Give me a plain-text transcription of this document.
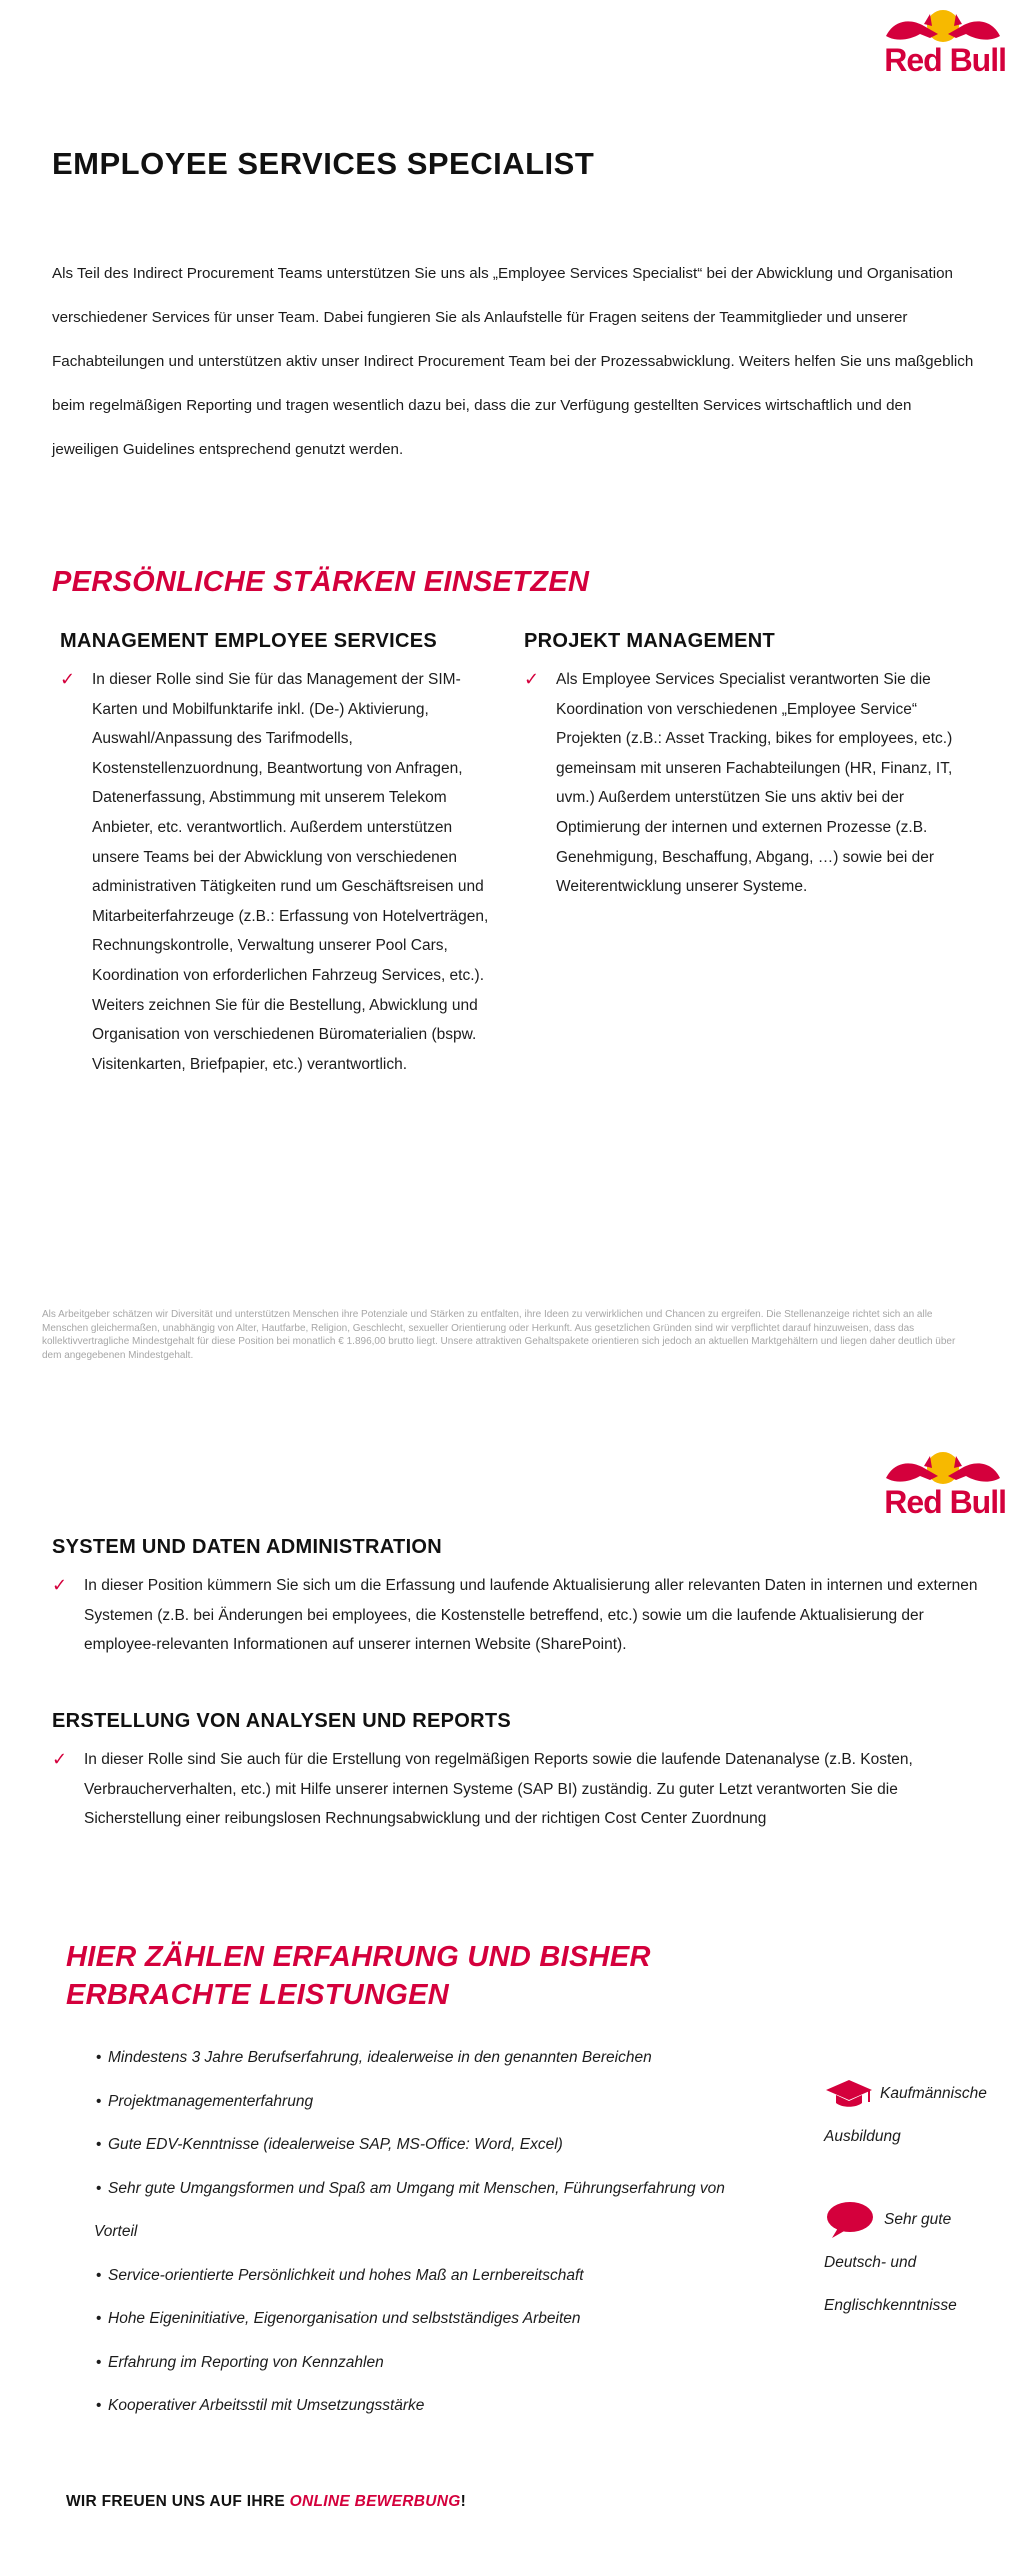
Red Bull
EMPLOYEE SERVICES SPECIALIST

Als Teil des Indirect Procurement Teams unterstützen Sie uns als „Employee Services Specialist“ bei der Abwicklung und Organisation verschiedener Services für unser Team. Dabei fungieren Sie als Anlaufstelle für Fragen seitens der Teammitglieder und unserer Fachabteilungen und unterstützen aktiv unser Indirect Procurement Team bei der Prozessabwicklung. Weiters helfen Sie uns maßgeblich beim regelmäßigen Reporting und tragen wesentlich dazu bei, dass die zur Verfügung gestellten Services wirtschaftlich und den jeweiligen Guidelines entsprechend genutzt werden.

PERSÖNLICHE STÄRKEN EINSETZEN
MANAGEMENT EMPLOYEE SERVICES
✓	In dieser Rolle sind Sie für das Management der SIM-Karten und Mobilfunktarife inkl. (De-) Aktivierung, Auswahl/Anpassung des Tarifmodells, Kostenstellenzuordnung, Beantwortung von Anfragen, Datenerfassung, Abstimmung mit unserem Telekom Anbieter, etc. verantwortlich. Außerdem unterstützen unsere Teams bei der Abwicklung von verschiedenen administrativen Tätigkeiten rund um Geschäftsreisen und Mitarbeiterfahrzeuge (z.B.: Erfassung von Hotelverträgen, Rechnungskontrolle, Verwaltung unserer Pool Cars, Koordination von erforderlichen Fahrzeug Services, etc.). Weiters zeichnen Sie für die Bestellung, Abwicklung und Organisation von verschiedenen Büromaterialien (bspw. Visitenkarten, Briefpapier, etc.) verantwortlich.
PROJEKT MANAGEMENT
✓	Als Employee Services Specialist verantworten Sie die Koordination von verschiedenen „Employee Service“ Projekten (z.B.: Asset Tracking, bikes for employees, etc.) gemeinsam mit unseren Fachabteilungen (HR, Finanz, IT, uvm.) Außerdem unterstützen Sie uns aktiv bei der Optimierung der internen und externen Prozesse (z.B. Genehmigung, Beschaffung, Abgang, …) sowie bei der Weiterentwicklung unserer Systeme.

Als Arbeitgeber schätzen wir Diversität und unterstützen Menschen ihre Potenziale und Stärken zu entfalten, ihre Ideen zu verwirklichen und Chancen zu ergreifen. Die Stellenanzeige richtet sich an alle Menschen gleichermaßen, unabhängig von Alter, Hautfarbe, Religion, Geschlecht, sexueller Orientierung oder Herkunft. Aus gesetzlichen Gründen sind wir verpflichtet darauf hinzuweisen, dass das kollektivvertragliche Mindestgehalt für diese Position bei monatlich € 1.896,00 brutto liegt. Unsere attraktiven Gehaltspakete orientieren sich jedoch an aktuellen Marktgehältern und liegen daher deutlich über dem angegebenen Mindestgehalt.

Red Bull
SYSTEM UND DATEN ADMINISTRATION
✓	In dieser Position kümmern Sie sich um die Erfassung und laufende Aktualisierung aller relevanten Daten in internen und externen Systemen (z.B. bei Änderungen bei employees, die Kostenstelle betreffend, etc.) sowie um die laufende Aktualisierung der employee-relevanten Informationen auf unserer internen Website (SharePoint).
ERSTELLUNG VON ANALYSEN UND REPORTS
✓	In dieser Rolle sind Sie auch für die Erstellung von regelmäßigen Reports sowie die laufende Datenanalyse (z.B. Kosten, Verbraucherverhalten, etc.) mit Hilfe unserer internen Systeme (SAP BI) zuständig. Zu guter Letzt verantworten Sie die Sicherstellung einer reibungslosen Rechnungsabwicklung und der richtigen Cost Center Zuordnung
HIER ZÄHLEN ERFAHRUNG UND BISHER
ERBRACHTE LEISTUNGEN
• Mindestens 3 Jahre Berufserfahrung, idealerweise in den genannten Bereichen
• Projektmanagementerfahrung
• Gute EDV-Kenntnisse (idealerweise SAP, MS-Office: Word, Excel)
• Sehr gute Umgangsformen und Spaß am Umgang mit Menschen, Führungserfahrung von
Vorteil
• Service-orientierte Persönlichkeit und hohes Maß an Lernbereitschaft
• Hohe Eigeninitiative, Eigenorganisation und selbstständiges Arbeiten
• Erfahrung im Reporting von Kennzahlen
• Kooperativer Arbeitsstil mit Umsetzungsstärke
Kaufmännische
Ausbildung
Sehr gute
Deutsch- und
Englischkenntnisse
WIR FREUEN UNS AUF IHRE ONLINE BEWERBUNG!
